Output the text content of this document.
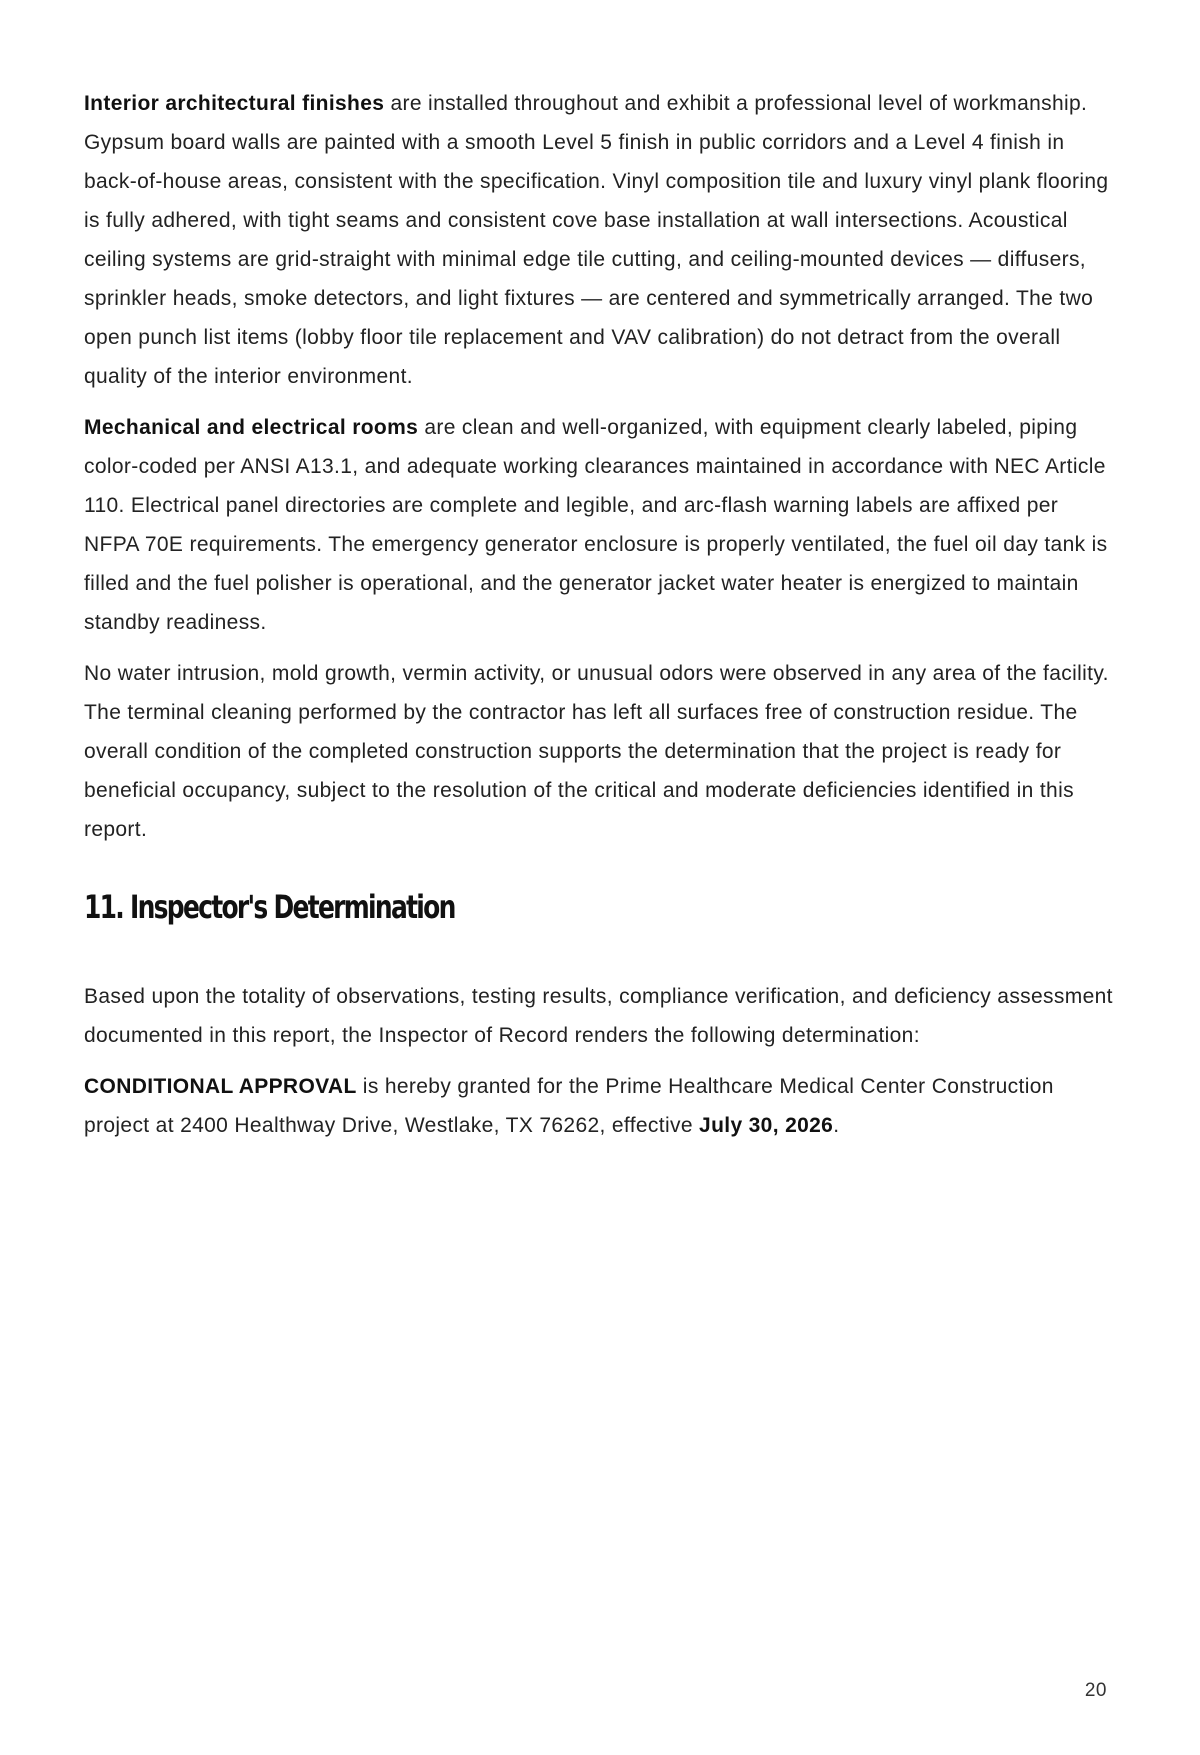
Interior architectural finishes are installed throughout and exhibit a professional level of workmanship. Gypsum board walls are painted with a smooth Level 5 finish in public corridors and a Level 4 finish in back-of-house areas, consistent with the specification. Vinyl composition tile and luxury vinyl plank flooring is fully adhered, with tight seams and consistent cove base installation at wall intersections. Acoustical ceiling systems are grid-straight with minimal edge tile cutting, and ceiling-mounted devices — diffusers, sprinkler heads, smoke detectors, and light fixtures — are centered and symmetrically arranged. The two open punch list items (lobby floor tile replacement and VAV calibration) do not detract from the overall quality of the interior environment.

Mechanical and electrical rooms are clean and well-organized, with equipment clearly labeled, piping color-coded per ANSI A13.1, and adequate working clearances maintained in accordance with NEC Article 110. Electrical panel directories are complete and legible, and arc-flash warning labels are affixed per NFPA 70E requirements. The emergency generator enclosure is properly ventilated, the fuel oil day tank is filled and the fuel polisher is operational, and the generator jacket water heater is energized to maintain standby readiness.

No water intrusion, mold growth, vermin activity, or unusual odors were observed in any area of the facility. The terminal cleaning performed by the contractor has left all surfaces free of construction residue. The overall condition of the completed construction supports the determination that the project is ready for beneficial occupancy, subject to the resolution of the critical and moderate deficiencies identified in this report.

11. Inspector's Determination

Based upon the totality of observations, testing results, compliance verification, and deficiency assessment documented in this report, the Inspector of Record renders the following determination:

CONDITIONAL APPROVAL is hereby granted for the Prime Healthcare Medical Center Construction project at 2400 Healthway Drive, Westlake, TX 76262, effective July 30, 2026.

20
